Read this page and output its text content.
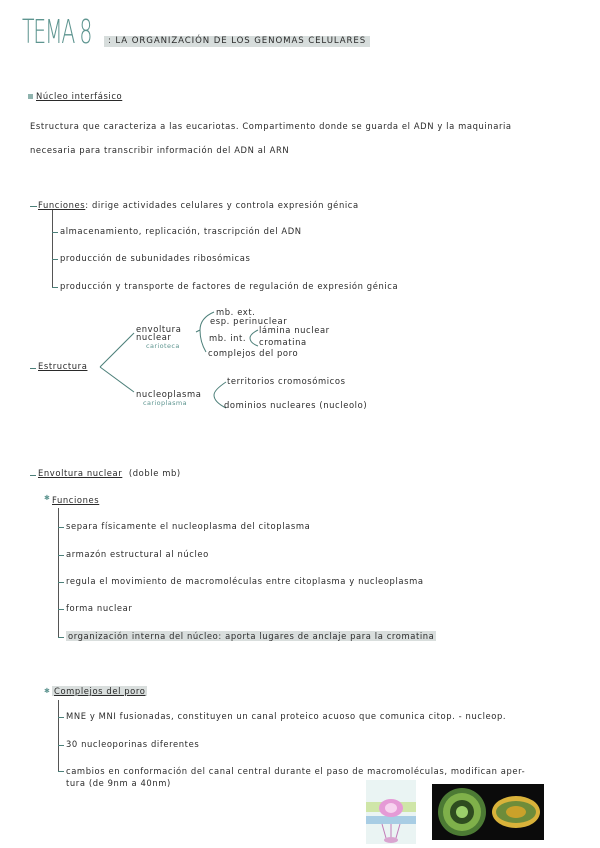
TEMA 8	: LA ORGANIZACIÓN DE LOS GENOMAS CELULARES
Núcleo interfásico
Estructura que caracteriza a las eucariotas. Compartimento donde se guarda el ADN y la maquinaria
necesaria para transcribir información del ADN al ARN
Funciones: dirige actividades celulares y controla expresión génica
almacenamiento, replicación, trascripción del ADN
producción de subunidades ribosómicas
producción y transporte de factores de regulación de expresión génica
Estructura
envoltura nuclear
carioteca
mb. ext.
esp. perinuclear
mb. int.
complejos del poro
lámina nuclear
cromatina
nucleoplasma
carioplasma
territorios cromosómicos
dominios nucleares (nucleolo)
Envoltura nuclear (doble mb)
✱ Funciones
separa físicamente el nucleoplasma del citoplasma
armazón estructural al núcleo
regula el movimiento de macromoléculas entre citoplasma y nucleoplasma
forma nuclear
organización interna del núcleo: aporta lugares de anclaje para la cromatina
✱ Complejos del poro
MNE y MNI fusionadas, constituyen un canal proteico acuoso que comunica citop. - nucleop.
30 nucleoporinas diferentes
cambios en conformación del canal central durante el paso de macromoléculas, modifican aper-
tura (de 9nm a 40nm)
